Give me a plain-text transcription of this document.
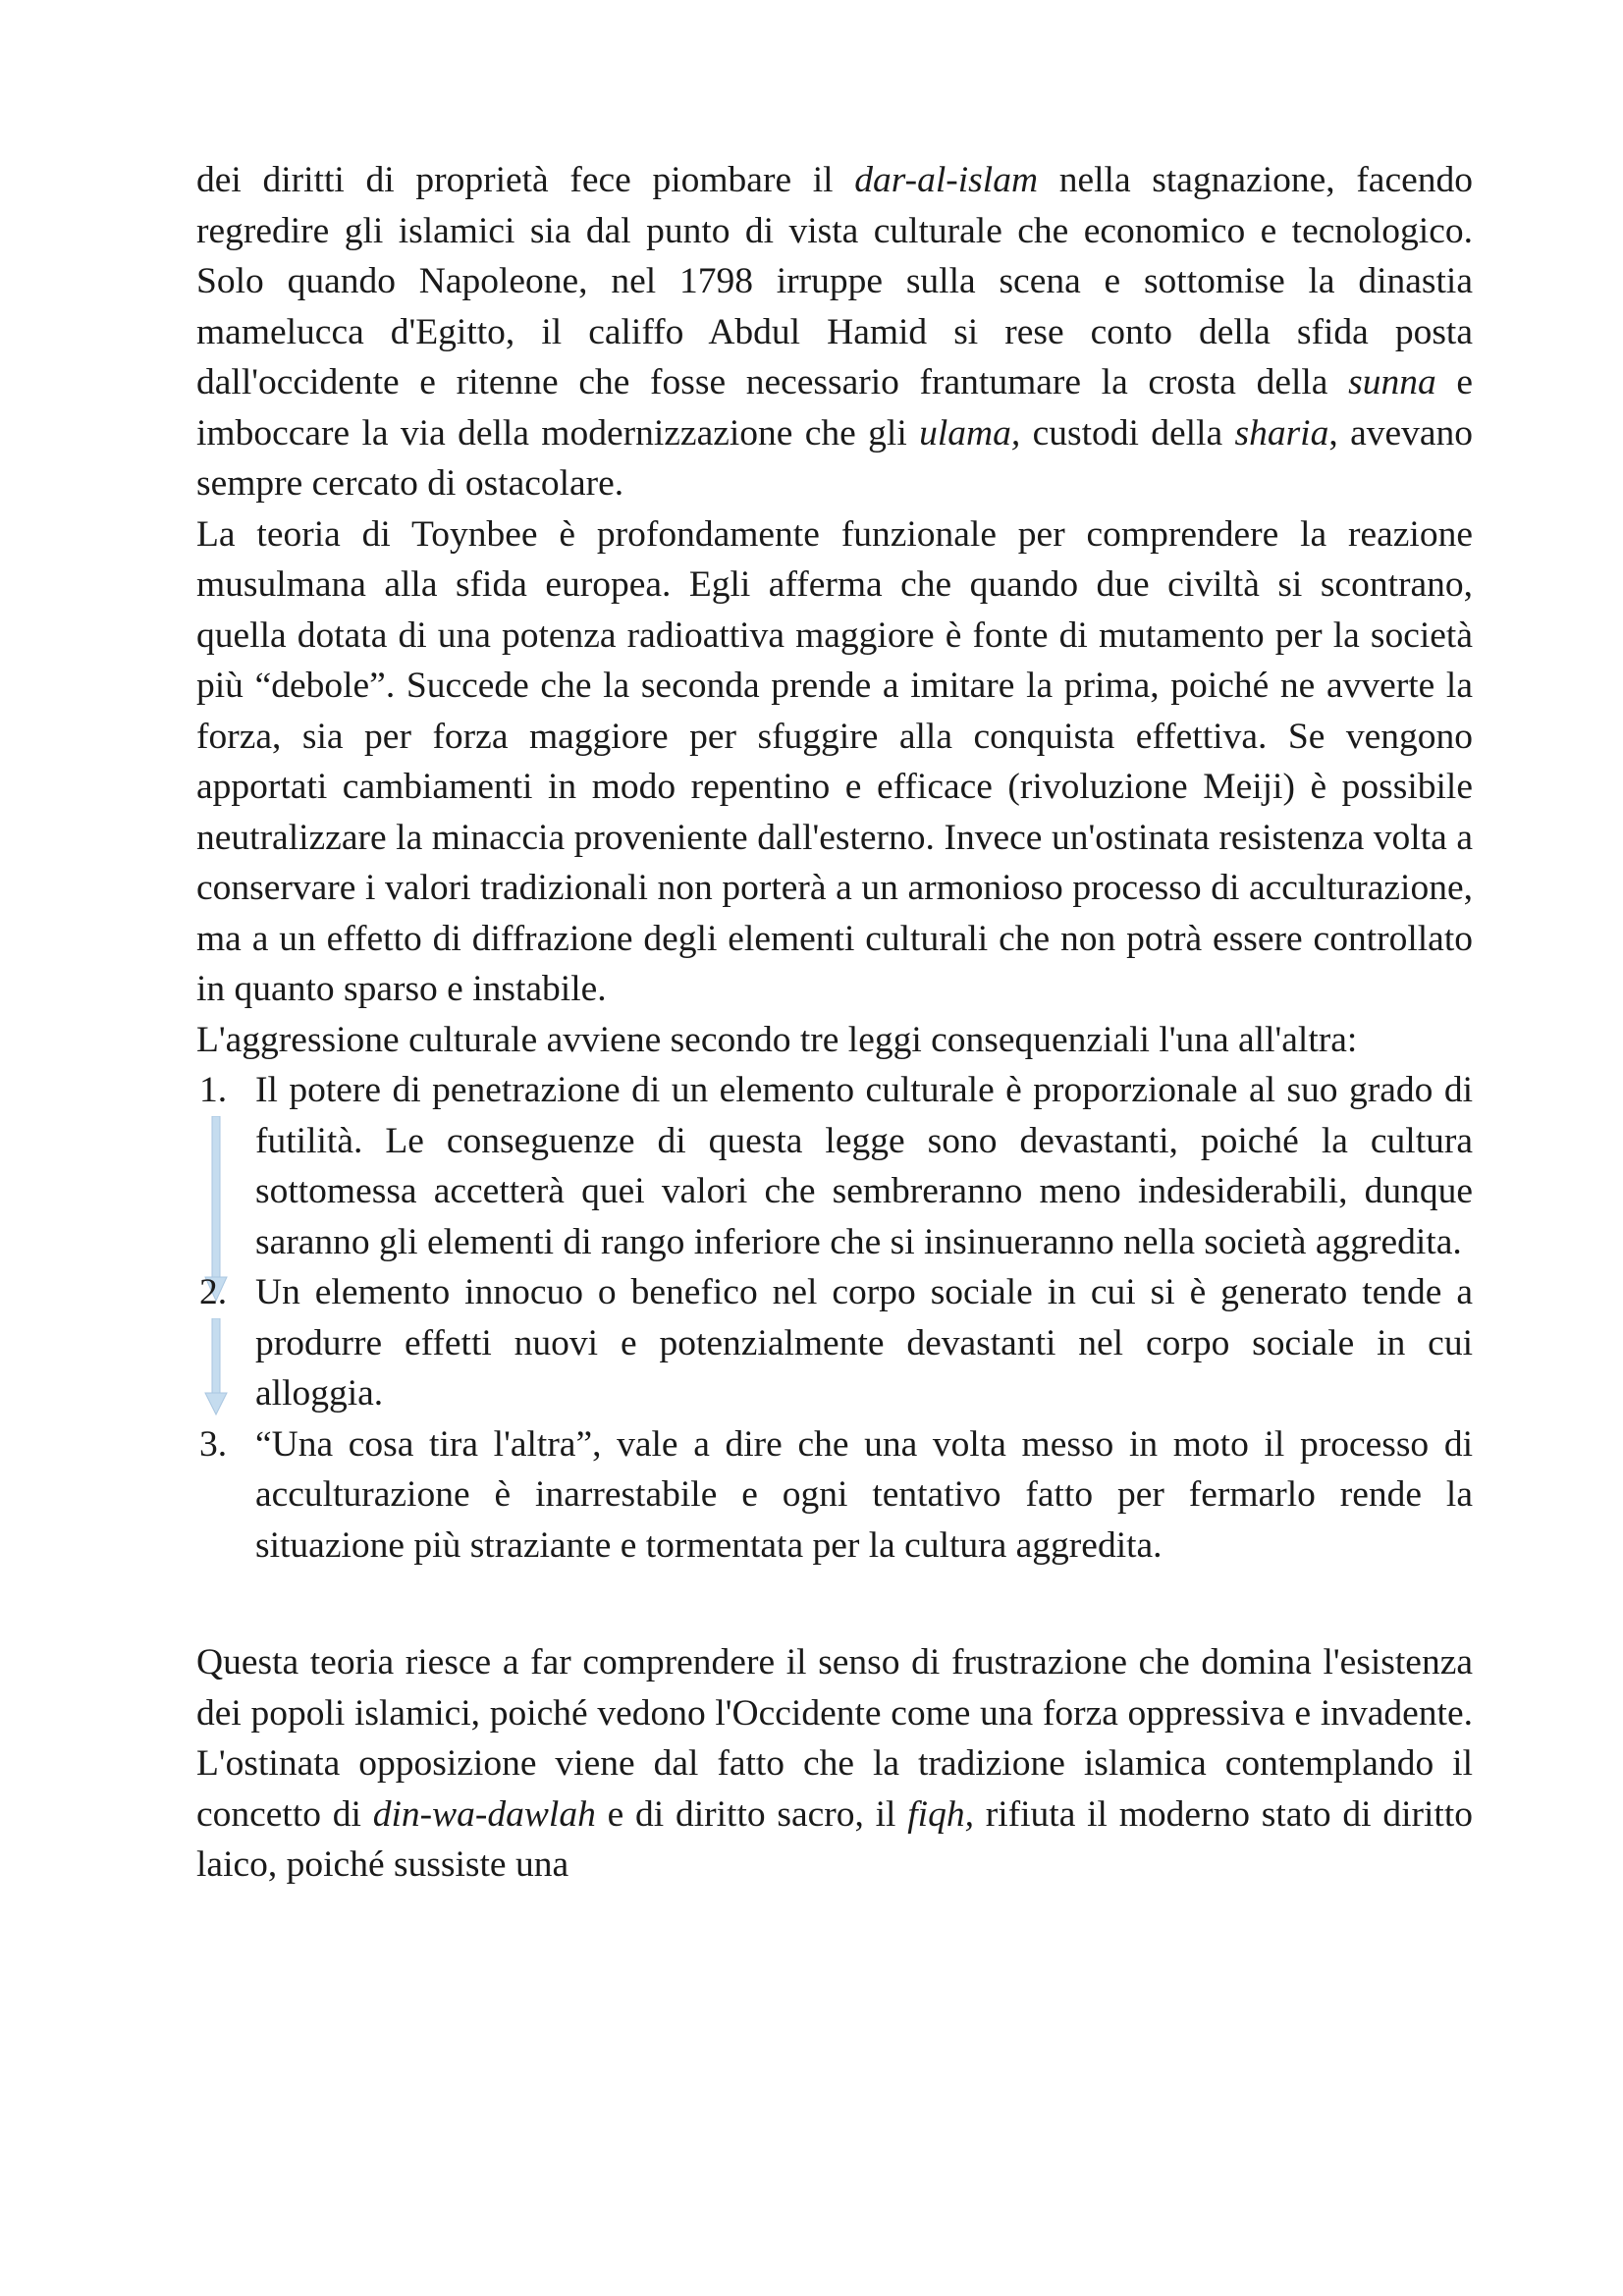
dei diritti di proprietà fece piombare il dar-al-islam nella stagnazione, facendo regredire gli islamici sia dal punto di vista culturale che economico e tecnologico. Solo quando Napoleone, nel 1798 irruppe sulla scena e sottomise la dinastia mamelucca d'Egitto, il califfo Abdul Hamid si rese conto della sfida posta dall'occidente e ritenne che fosse necessario frantumare la crosta della sunna e imboccare la via della modernizzazione che gli ulama, custodi della sharia, avevano sempre cercato di ostacolare.

La teoria di Toynbee è profondamente funzionale per comprendere la reazione musulmana alla sfida europea. Egli afferma che quando due civiltà si scontrano, quella dotata di una potenza radioattiva maggiore è fonte di mutamento per la società più “debole”. Succede che la seconda prende a imitare la prima, poiché ne avverte la forza, sia per forza maggiore per sfuggire alla conquista effettiva. Se vengono apportati cambiamenti in modo repentino e efficace (rivoluzione Meiji) è possibile neutralizzare la minaccia proveniente dall'esterno. Invece un'ostinata resistenza volta a conservare i valori tradizionali non porterà a un armonioso processo di acculturazione, ma a un effetto di diffrazione degli elementi culturali che non potrà essere controllato in quanto sparso e instabile.

L'aggressione culturale avviene secondo tre leggi consequenziali l'una all'altra:

1. Il potere di penetrazione di un elemento culturale è proporzionale al suo grado di futilità. Le conseguenze di questa legge sono devastanti, poiché la cultura sottomessa accetterà quei valori che sembreranno meno indesiderabili, dunque saranno gli elementi di rango inferiore che si insinueranno nella società aggredita.
2. Un elemento innocuo o benefico nel corpo sociale in cui si è generato tende a produrre effetti nuovi e potenzialmente devastanti nel corpo sociale in cui alloggia.
3. “Una cosa tira l'altra”, vale a dire che una volta messo in moto il processo di acculturazione è inarrestabile e ogni tentativo fatto per fermarlo rende la situazione più straziante e tormentata per la cultura aggredita.

Questa teoria riesce a far comprendere il senso di frustrazione che domina l'esistenza dei popoli islamici, poiché vedono l'Occidente come una forza oppressiva e invadente. L'ostinata opposizione viene dal fatto che la tradizione islamica contemplando il concetto di din-wa-dawlah e di diritto sacro, il fiqh, rifiuta il moderno stato di diritto laico, poiché sussiste una
